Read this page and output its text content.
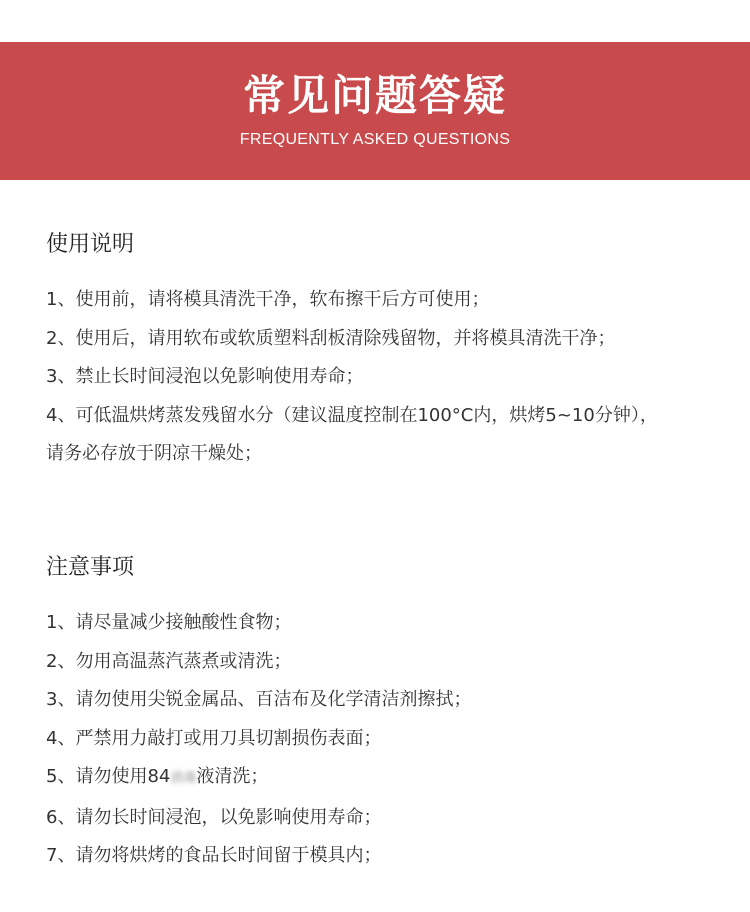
常见问题答疑
FREQUENTLY ASKED QUESTIONS
使用说明

1、使用前，请将模具清洗干净，软布擦干后方可使用；

2、使用后，请用软布或软质塑料刮板清除残留物，并将模具清洗干净；

3、禁止长时间浸泡以免影响使用寿命；

4、可低温烘烤蒸发残留水分（建议温度控制在100°C内，烘烤5~10分钟），请务必存放于阴凉干燥处；

注意事项

1、请尽量减少接触酸性食物；

2、勿用高温蒸汽蒸煮或清洗；

3、请勿使用尖锐金属品、百洁布及化学清洁剂擦拭；

4、严禁用力敲打或用刀具切割损伤表面；

5、请勿使用84消毒液清洗；

6、请勿长时间浸泡，以免影响使用寿命；

7、请勿将烘烤的食品长时间留于模具内；
